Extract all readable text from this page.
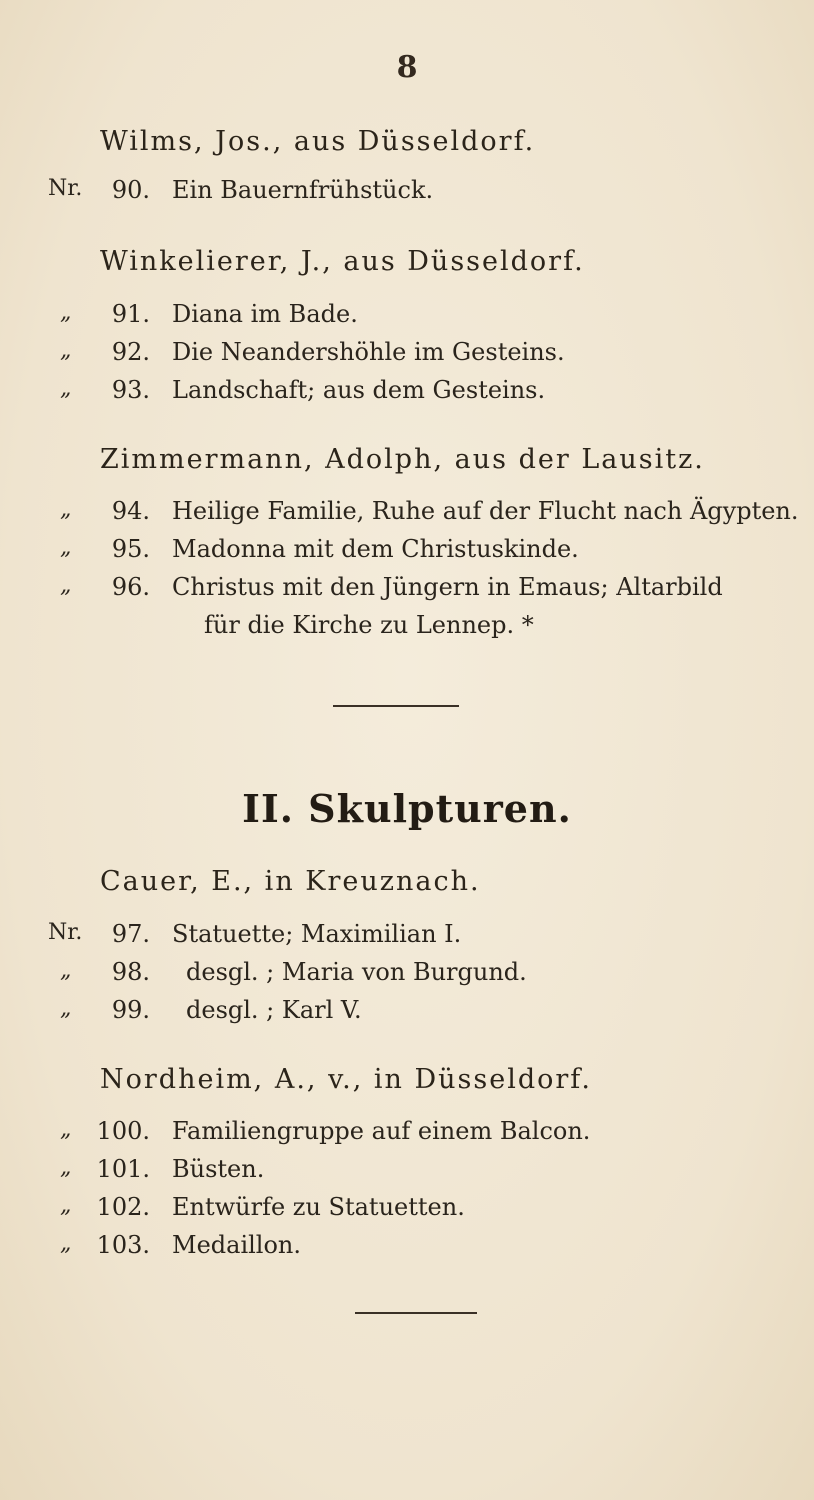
8
Wilms, Jos., aus Düsseldorf.
Nr.	90. Ein Bauernfrühstück.
Winkelierer, J., aus Düsseldorf.
„	91. Diana im Bade.
„	92. Die Neandershöhle im Gesteins.
„	93. Landschaft; aus dem Gesteins.
Zimmermann, Adolph, aus der Lausitz.
„	94. Heilige Familie, Ruhe auf der Flucht nach Ägypten.
„	95. Madonna mit dem Christuskinde.
„	96. Christus mit den Jüngern in Emaus; Altarbild
für die Kirche zu Lennep. *
II. Skulpturen.
Cauer, E., in Kreuznach.
Nr.	97. Statuette; Maximilian I.
„	98. desgl. ; Maria von Burgund.
„	99. desgl. ; Karl V.
Nordheim, A., v., in Düsseldorf.
„	100. Familiengruppe auf einem Balcon.
„	101. Büsten.
„	102. Entwürfe zu Statuetten.
„	103. Medaillon.
